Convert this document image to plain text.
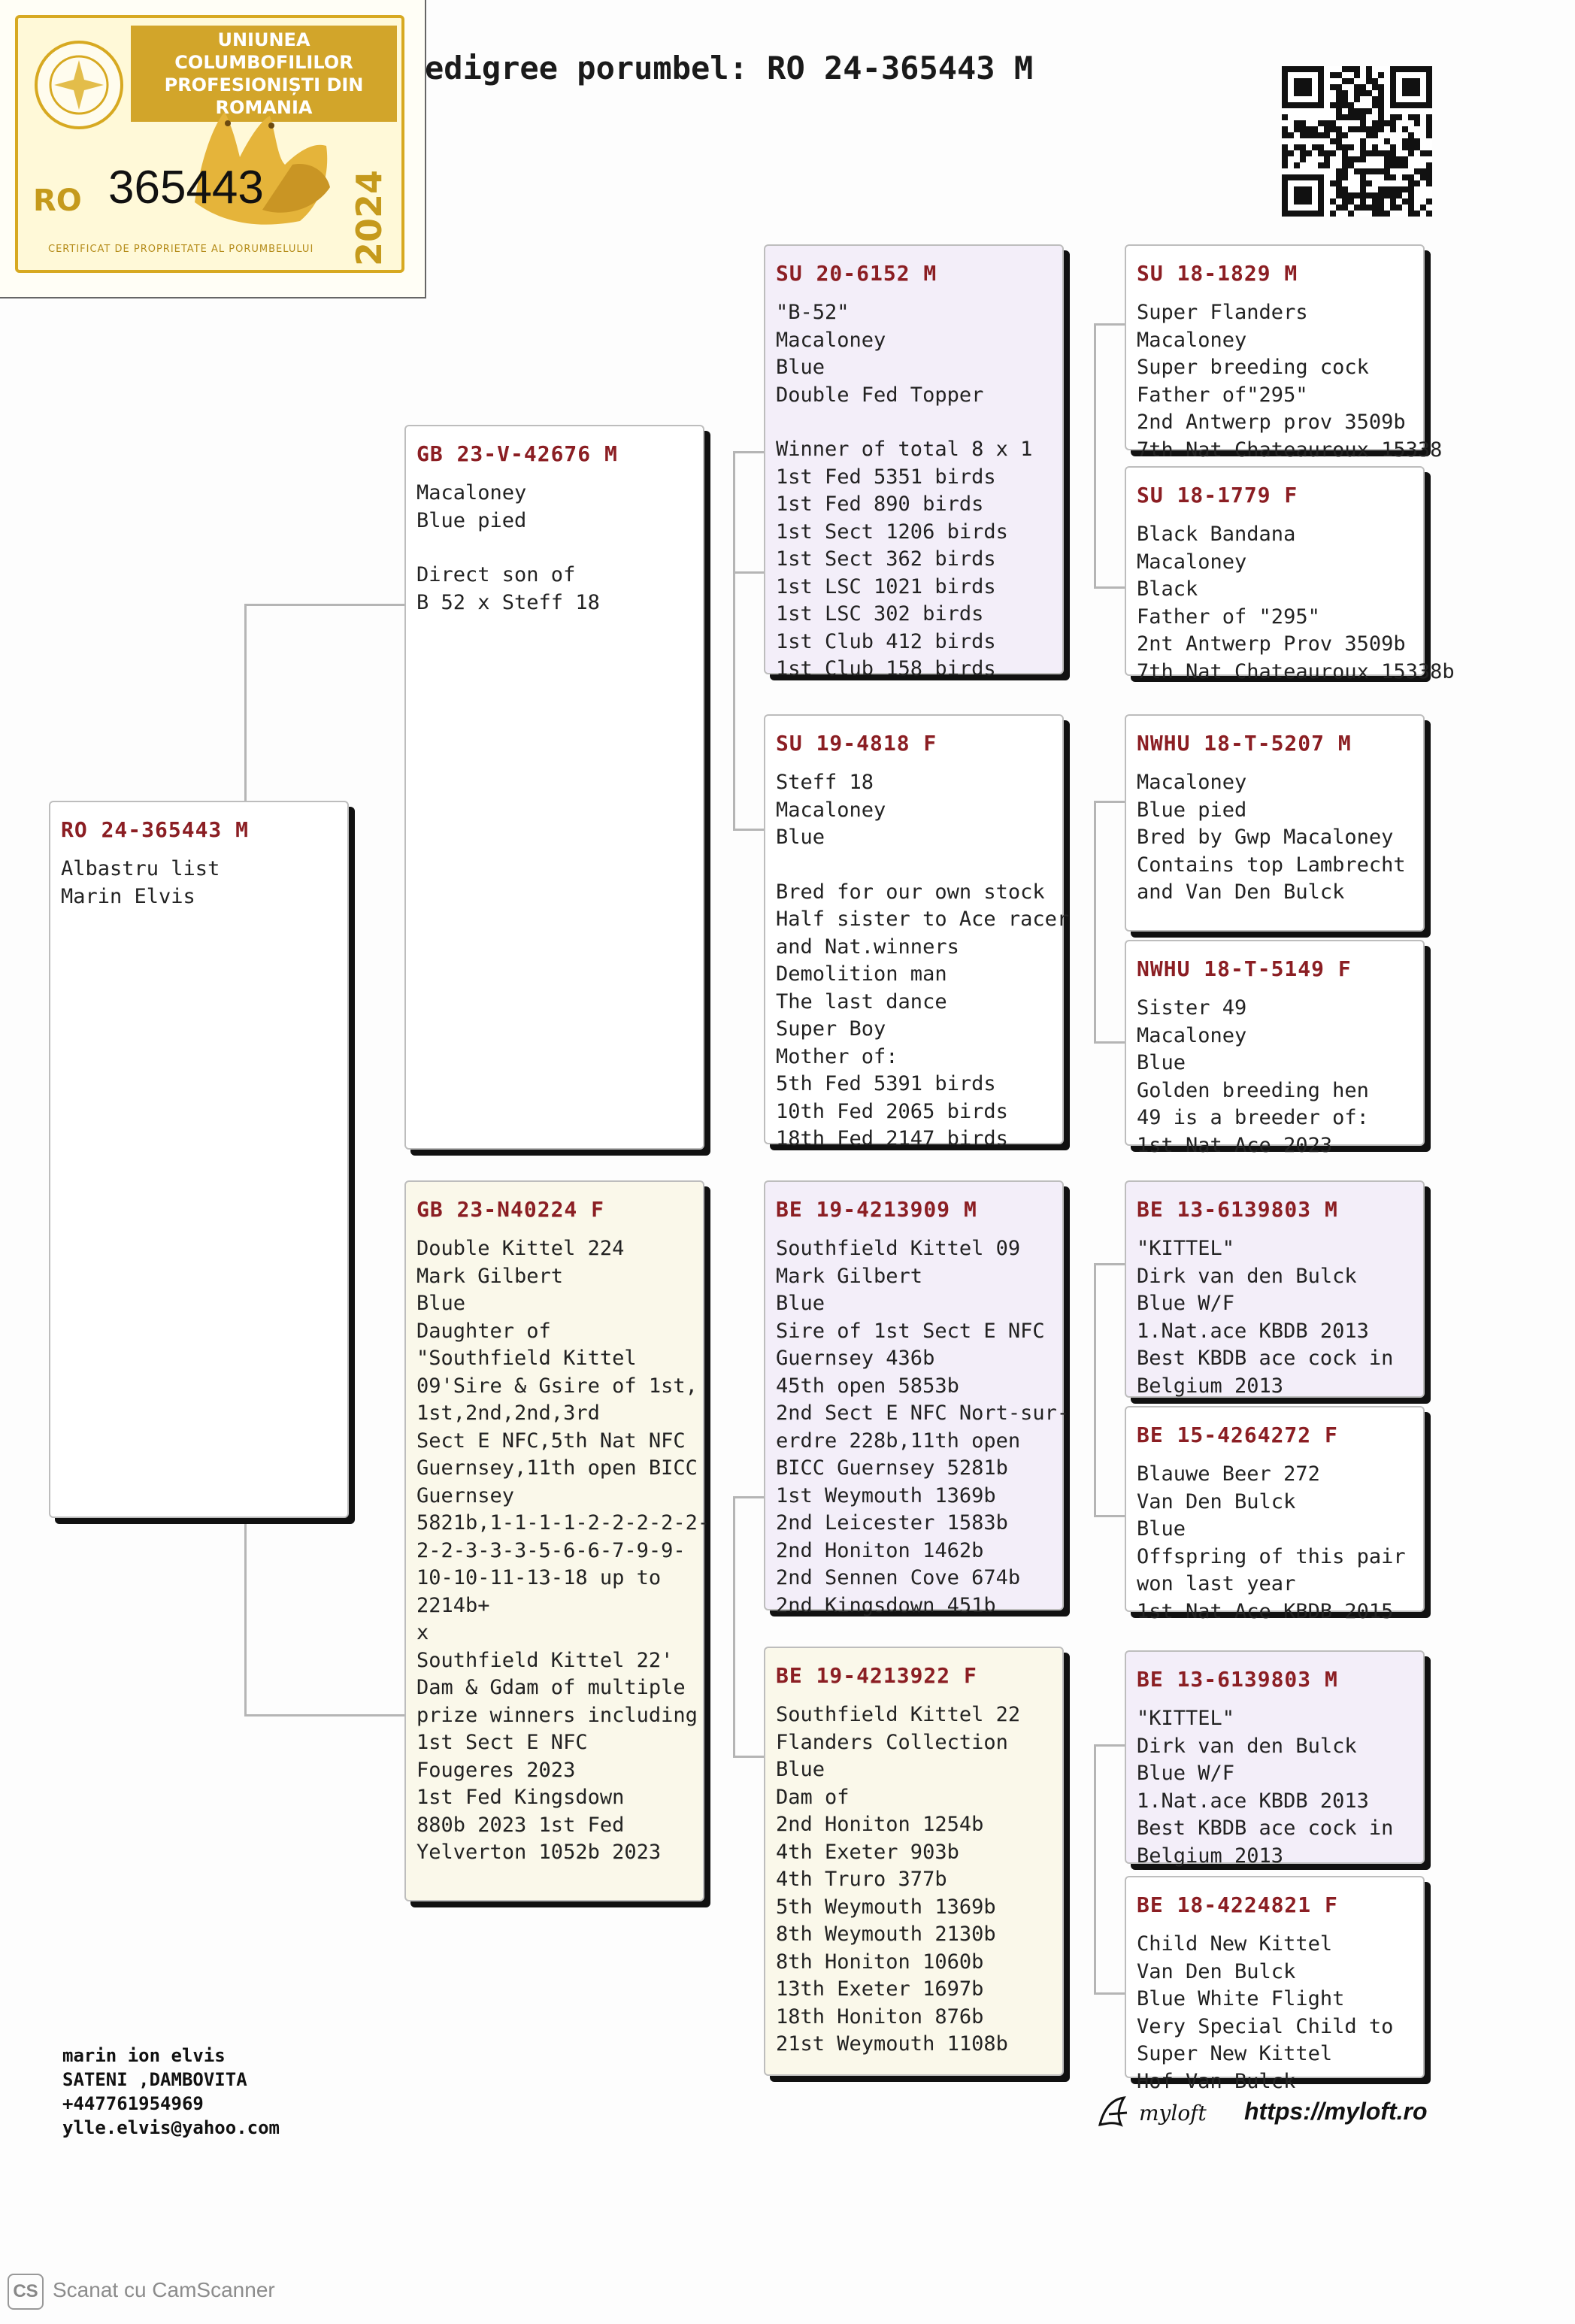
UNIUNEA COLUMBOFILILOR PROFESIONIȘTI DIN ROMANIA
RO 365443 2024
CERTIFICAT DE PROPRIETATE AL PORUMBELULUI
edigree porumbel: RO 24-365443 M
RO 24-365443 M
Albastru list
Marin Elvis
GB 23-V-42676 M
Macaloney
Blue pied
Direct son of
B 52 x Steff 18
GB 23-N40224 F
Double Kittel 224
Mark Gilbert
Blue
Daughter of
"Southfield Kittel
09'Sire & Gsire of 1st,
1st,2nd,2nd,3rd
Sect E NFC,5th Nat NFC
Guernsey,11th open BICC
Guernsey
5821b,1-1-1-1-2-2-2-2-2-
2-2-3-3-3-5-6-6-7-9-9-
10-10-11-13-18 up to
2214b+
x
Southfield Kittel 22'
Dam & Gdam of multiple
prize winners including
1st Sect E NFC
Fougeres 2023
1st Fed Kingsdown
880b 2023 1st Fed
Yelverton 1052b 2023
SU 20-6152 M
"B-52"
Macaloney
Blue
Double Fed Topper
Winner of total 8 x 1
1st Fed 5351 birds
1st Fed 890 birds
1st Sect 1206 birds
1st Sect 362 birds
1st LSC 1021 birds
1st LSC 302 birds
1st Club 412 birds
1st Club 158 birds
SU 19-4818 F
Steff 18
Macaloney
Blue
Bred for our own stock
Half sister to Ace racer
and Nat.winners
Demolition man
The last dance
Super Boy
Mother of:
5th Fed 5391 birds
10th Fed 2065 birds
18th Fed 2147 birds
BE 19-4213909 M
Southfield Kittel 09
Mark Gilbert
Blue
Sire of 1st Sect E NFC
Guernsey 436b
45th open 5853b
2nd Sect E NFC Nort-sur-
erdre 228b,11th open
BICC Guernsey 5281b
1st Weymouth 1369b
2nd Leicester 1583b
2nd Honiton 1462b
2nd Sennen Cove 674b
2nd Kingsdown 451b
BE 19-4213922 F
Southfield Kittel 22
Flanders Collection
Blue
Dam of
2nd Honiton 1254b
4th Exeter 903b
4th Truro 377b
5th Weymouth 1369b
8th Weymouth 2130b
8th Honiton 1060b
13th Exeter 1697b
18th Honiton 876b
21st Weymouth 1108b
SU 18-1829 M
Super Flanders
Macaloney
Super breeding cock
Father of"295"
2nd Antwerp prov 3509b
7th Nat Chateauroux 15338
SU 18-1779 F
Black Bandana
Macaloney
Black
Father of "295"
2nt Antwerp Prov 3509b
7th Nat Chateauroux 15338b
NWHU 18-T-5207 M
Macaloney
Blue pied
Bred by Gwp Macaloney
Contains top Lambrecht
and Van Den Bulck
NWHU 18-T-5149 F
Sister 49
Macaloney
Blue
Golden breeding hen
49 is a breeder of:
1st Nat Ace 2023
BE 13-6139803 M
"KITTEL"
Dirk van den Bulck
Blue W/F
1.Nat.ace KBDB 2013
Best KBDB ace cock in
Belgium 2013
BE 15-4264272 F
Blauwe Beer 272
Van Den Bulck
Blue
Offspring of this pair
won last year
1st Nat Ace KBDB 2015
BE 13-6139803 M
"KITTEL"
Dirk van den Bulck
Blue W/F
1.Nat.ace KBDB 2013
Best KBDB ace cock in
Belgium 2013
BE 18-4224821 F
Child New Kittel
Van Den Bulck
Blue White Flight
Very Special Child to
Super New Kittel
Hof Van Bulck
marin ion elvis
SATENI ,DAMBOVITA
+447761954969
ylle.elvis@yahoo.com
myloft https://myloft.ro
CS Scanat cu CamScanner
